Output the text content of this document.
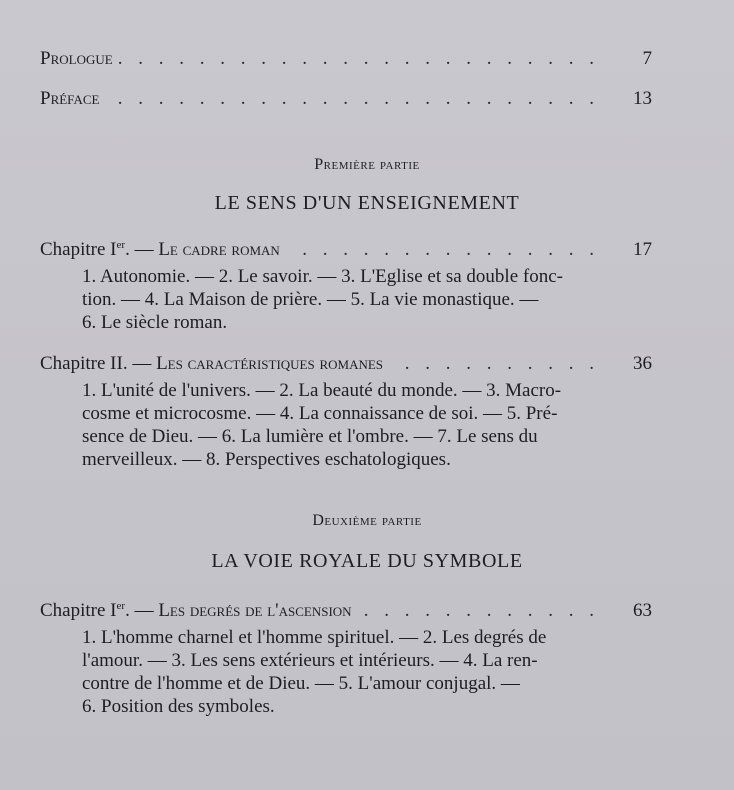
Prologue . . .	7
Préface . . .	13
Première partie
LE SENS D'UN ENSEIGNEMENT
Chapitre Ier. — Le cadre roman . . .	17
1. Autonomie. — 2. Le savoir. — 3. L'Eglise et sa double fonc-
tion. — 4. La Maison de prière. — 5. La vie monastique. —
6. Le siècle roman.
Chapitre II. — Les caractéristiques romanes . . .	36
1. L'unité de l'univers. — 2. La beauté du monde. — 3. Macro-
cosme et microcosme. — 4. La connaissance de soi. — 5. Pré-
sence de Dieu. — 6. La lumière et l'ombre. — 7. Le sens du
merveilleux. — 8. Perspectives eschatologiques.
Deuxième partie
LA VOIE ROYALE DU SYMBOLE
Chapitre Ier. — Les degrés de l'ascension . . .	63
1. L'homme charnel et l'homme spirituel. — 2. Les degrés de
l'amour. — 3. Les sens extérieurs et intérieurs. — 4. La ren-
contre de l'homme et de Dieu. — 5. L'amour conjugal. —
6. Position des symboles.
